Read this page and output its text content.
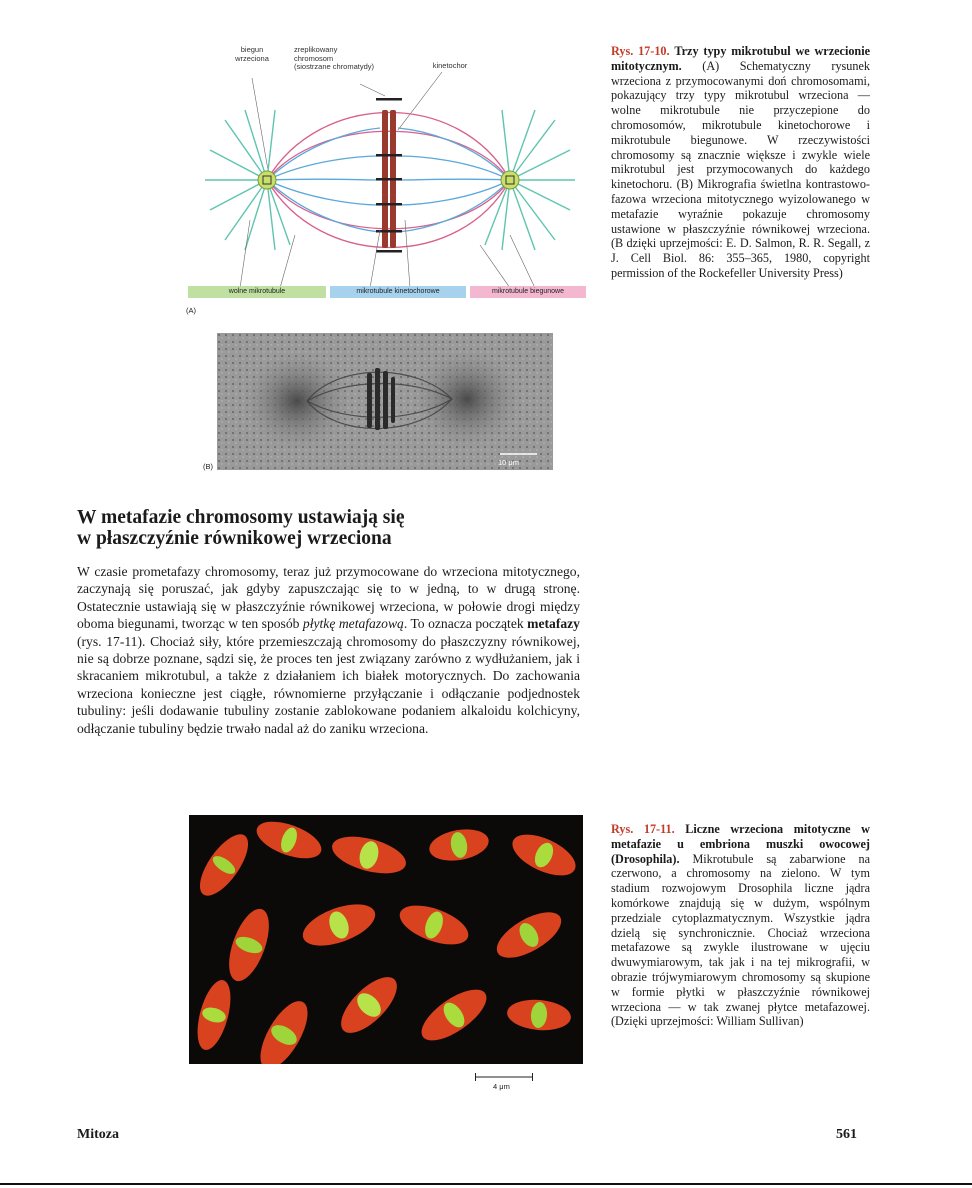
biegun
wrzeciona
zreplikowany
chromosom
(siostrzane chromatydy)	kinetochor
wolne mikrotubule	mikrotubule kinetochorowe	mikrotubule biegunowe
(A)
10 μm
(B)
Rys. 17-10. Trzy typy mikrotubul we wrzecionie mitotycznym. (A) Schematyczny rysunek wrzeciona z przymocowanymi doń chromosomami, pokazujący trzy typy mikrotubul wrzeciona — wolne mikrotubule nie przyczepione do chromosomów, mikrotubule kinetochorowe i mikrotubule biegunowe. W rzeczywistości chromosomy są znacznie większe i zwykle wiele mikrotubul jest przymocowanych do każdego kinetochoru. (B) Mikrografia świetlna kontrastowo-fazowa wrzeciona mitotycznego wyizolowanego w metafazie wyraźnie pokazuje chromosomy ustawione w płaszczyźnie równikowej wrzeciona. (B dzięki uprzejmości: E. D. Salmon, R. R. Segall, z J. Cell Biol. 86: 355–365, 1980, copyright permission of the Rockefeller University Press)
W metafazie chromosomy ustawiają się
w płaszczyźnie równikowej wrzeciona
W czasie prometafazy chromosomy, teraz już przymocowane do wrzeciona mitotycznego, zaczynają się poruszać, jak gdyby zapuszczając się to w jedną, to w drugą stronę. Ostatecznie ustawiają się w płaszczyźnie równikowej wrzeciona, w połowie drogi między oboma biegunami, tworząc w ten sposób płytkę metafazową. To oznacza początek metafazy (rys. 17-11). Chociaż siły, które przemieszczają chromosomy do płaszczyzny równikowej, nie są dobrze poznane, sądzi się, że proces ten jest związany zarówno z wydłużaniem, jak i skracaniem mikrotubul, a także z działaniem ich białek motorycznych. Do zachowania wrzeciona konieczne jest ciągłe, równomierne przyłączanie i odłączanie podjednostek tubuliny: jeśli dodawanie tubuliny zostanie zablokowane podaniem alkaloidu kolchicyny, odłączanie tubuliny będzie trwało nadal aż do zaniku wrzeciona.
4 μm
Rys. 17-11. Liczne wrzeciona mitotyczne w metafazie u embriona muszki owocowej (Drosophila). Mikrotubule są zabarwione na czerwono, a chromosomy na zielono. W tym stadium rozwojowym Drosophila liczne jądra komórkowe znajdują się w dużym, wspólnym przedziale cytoplazmatycznym. Wszystkie jądra dzielą się synchronicznie. Chociaż wrzeciona metafazowe są zwykle ilustrowane w ujęciu dwuwymiarowym, tak jak i na tej mikrografii, w obrazie trójwymiarowym chromosomy są skupione w formie płytki w płaszczyźnie równikowej wrzeciona — w tak zwanej płytce metafazowej. (Dzięki uprzejmości: William Sullivan)
Mitoza	561
